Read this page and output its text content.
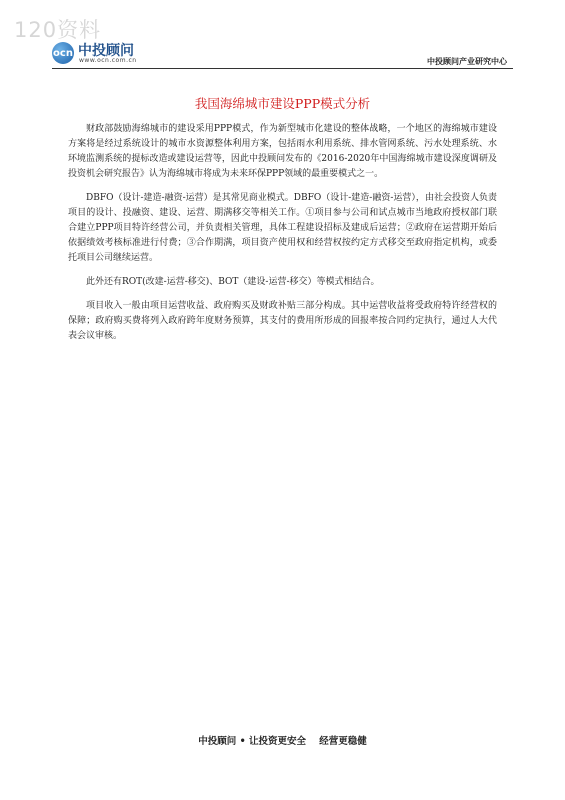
120资料
ocn 中投顾问
www.ocn.com.cn	中投顾问产业研究中心
我国海绵城市建设PPP模式分析

财政部鼓励海绵城市的建设采用PPP模式，作为新型城市化建设的整体战略，一个地区的海绵城市建设方案将是经过系统设计的城市水资源整体利用方案，包括雨水利用系统、排水管网系统、污水处理系统、水环境监测系统的提标改造或建设运营等，因此中投顾问发布的《2016-2020年中国海绵城市建设深度调研及投资机会研究报告》认为海绵城市将成为未来环保PPP领域的最重要模式之一。

DBFO（设计-建造-融资-运营）是其常见商业模式。DBFO（设计-建造-融资-运营），由社会投资人负责项目的设计、投融资、建设、运营、期满移交等相关工作。①项目参与公司和试点城市当地政府授权部门联合建立PPP项目特许经营公司，并负责相关管理，具体工程建设招标及建成后运营；②政府在运营期开始后依据绩效考核标准进行付费；③合作期满，项目资产使用权和经营权按约定方式移交至政府指定机构，或委托项目公司继续运营。

此外还有ROT(改建-运营-移交)、BOT（建设-运营-移交）等模式相结合。

项目收入一般由项目运营收益、政府购买及财政补贴三部分构成。其中运营收益将受政府特许经营权的保障；政府购买费将列入政府跨年度财务预算，其支付的费用所形成的回报率按合同约定执行，通过人大代表会议审核。

中投顾问 • 让投资更安全    经营更稳健
